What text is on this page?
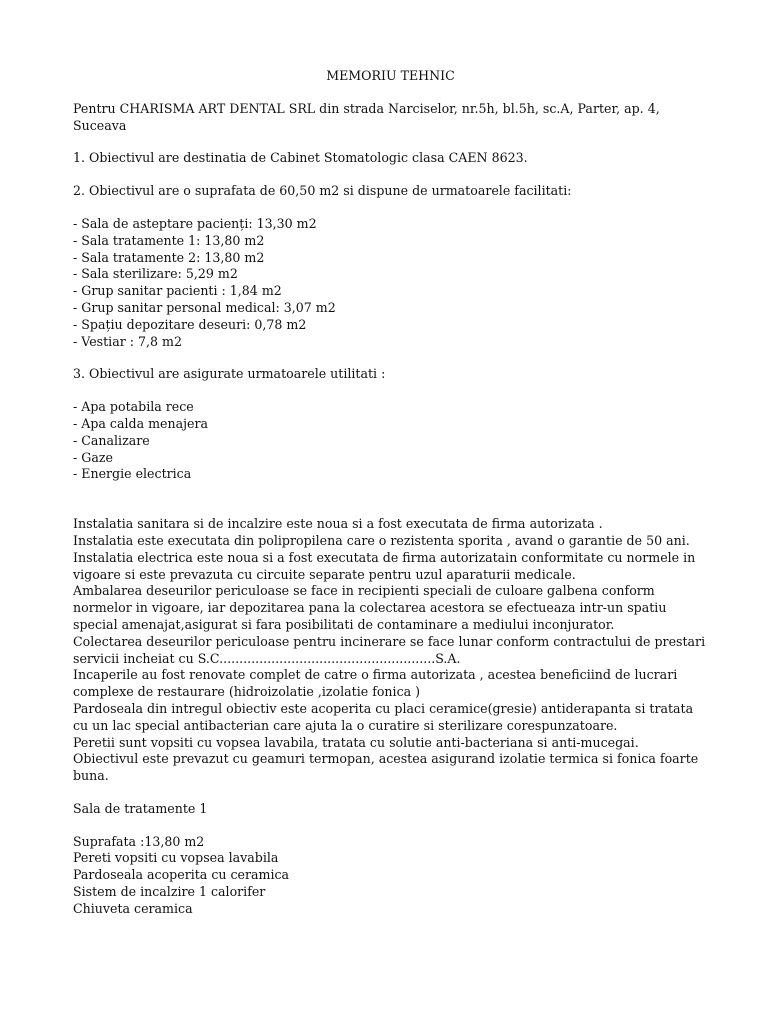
MEMORIU TEHNIC

Pentru CHARISMA ART DENTAL SRL din strada Narciselor, nr.5h, bl.5h, sc.A, Parter, ap. 4, Suceava

1. Obiectivul are destinatia de Cabinet Stomatologic clasa CAEN 8623.

2. Obiectivul are o suprafata de 60,50 m2 si dispune de urmatoarele facilitati:

- Sala de asteptare pacienți: 13,30 m2
- Sala tratamente 1: 13,80 m2
- Sala tratamente 2: 13,80 m2
- Sala sterilizare: 5,29 m2
- Grup sanitar pacienti : 1,84 m2
- Grup sanitar personal medical: 3,07 m2
- Spațiu depozitare deseuri: 0,78 m2
- Vestiar : 7,8 m2

3. Obiectivul are asigurate urmatoarele utilitati :

- Apa potabila rece
- Apa calda menajera
- Canalizare
- Gaze
- Energie electrica

Instalatia sanitara si de incalzire este noua si a fost executata de firma autorizata .

Instalatia este executata din polipropilena care o rezistenta sporita , avand o garantie de 50 ani.

Instalatia electrica este noua si a fost executata de firma autorizatain conformitate cu normele in vigoare si este prevazuta cu circuite separate pentru uzul aparaturii medicale.

Ambalarea deseurilor periculoase se face in recipienti speciali de culoare galbena conform normelor in vigoare, iar depozitarea pana la colectarea acestora se efectueaza intr-un spatiu special amenajat,asigurat si fara posibilitati de contaminare a mediului inconjurator.

Colectarea deseurilor periculoase pentru incinerare se face lunar conform contractului de prestari servicii incheiat cu S.C......................................................S.A.

Incaperile au fost renovate complet de catre o firma autorizata , acestea beneficiind de lucrari complexe de restaurare (hidroizolatie ,izolatie fonica )

Pardoseala din intregul obiectiv este acoperita cu placi ceramice(gresie) antiderapanta si tratata cu un lac special antibacterian care ajuta la o curatire si sterilizare corespunzatoare.

Peretii sunt vopsiti cu vopsea lavabila, tratata cu solutie anti-bacteriana si anti-mucegai.

Obiectivul este prevazut cu geamuri termopan, acestea asigurand izolatie termica si fonica foarte buna.

Sala de tratamente 1

Suprafata :13,80 m2

Pereti vopsiti cu vopsea lavabila

Pardoseala acoperita cu ceramica

Sistem de incalzire 1 calorifer

Chiuveta ceramica
